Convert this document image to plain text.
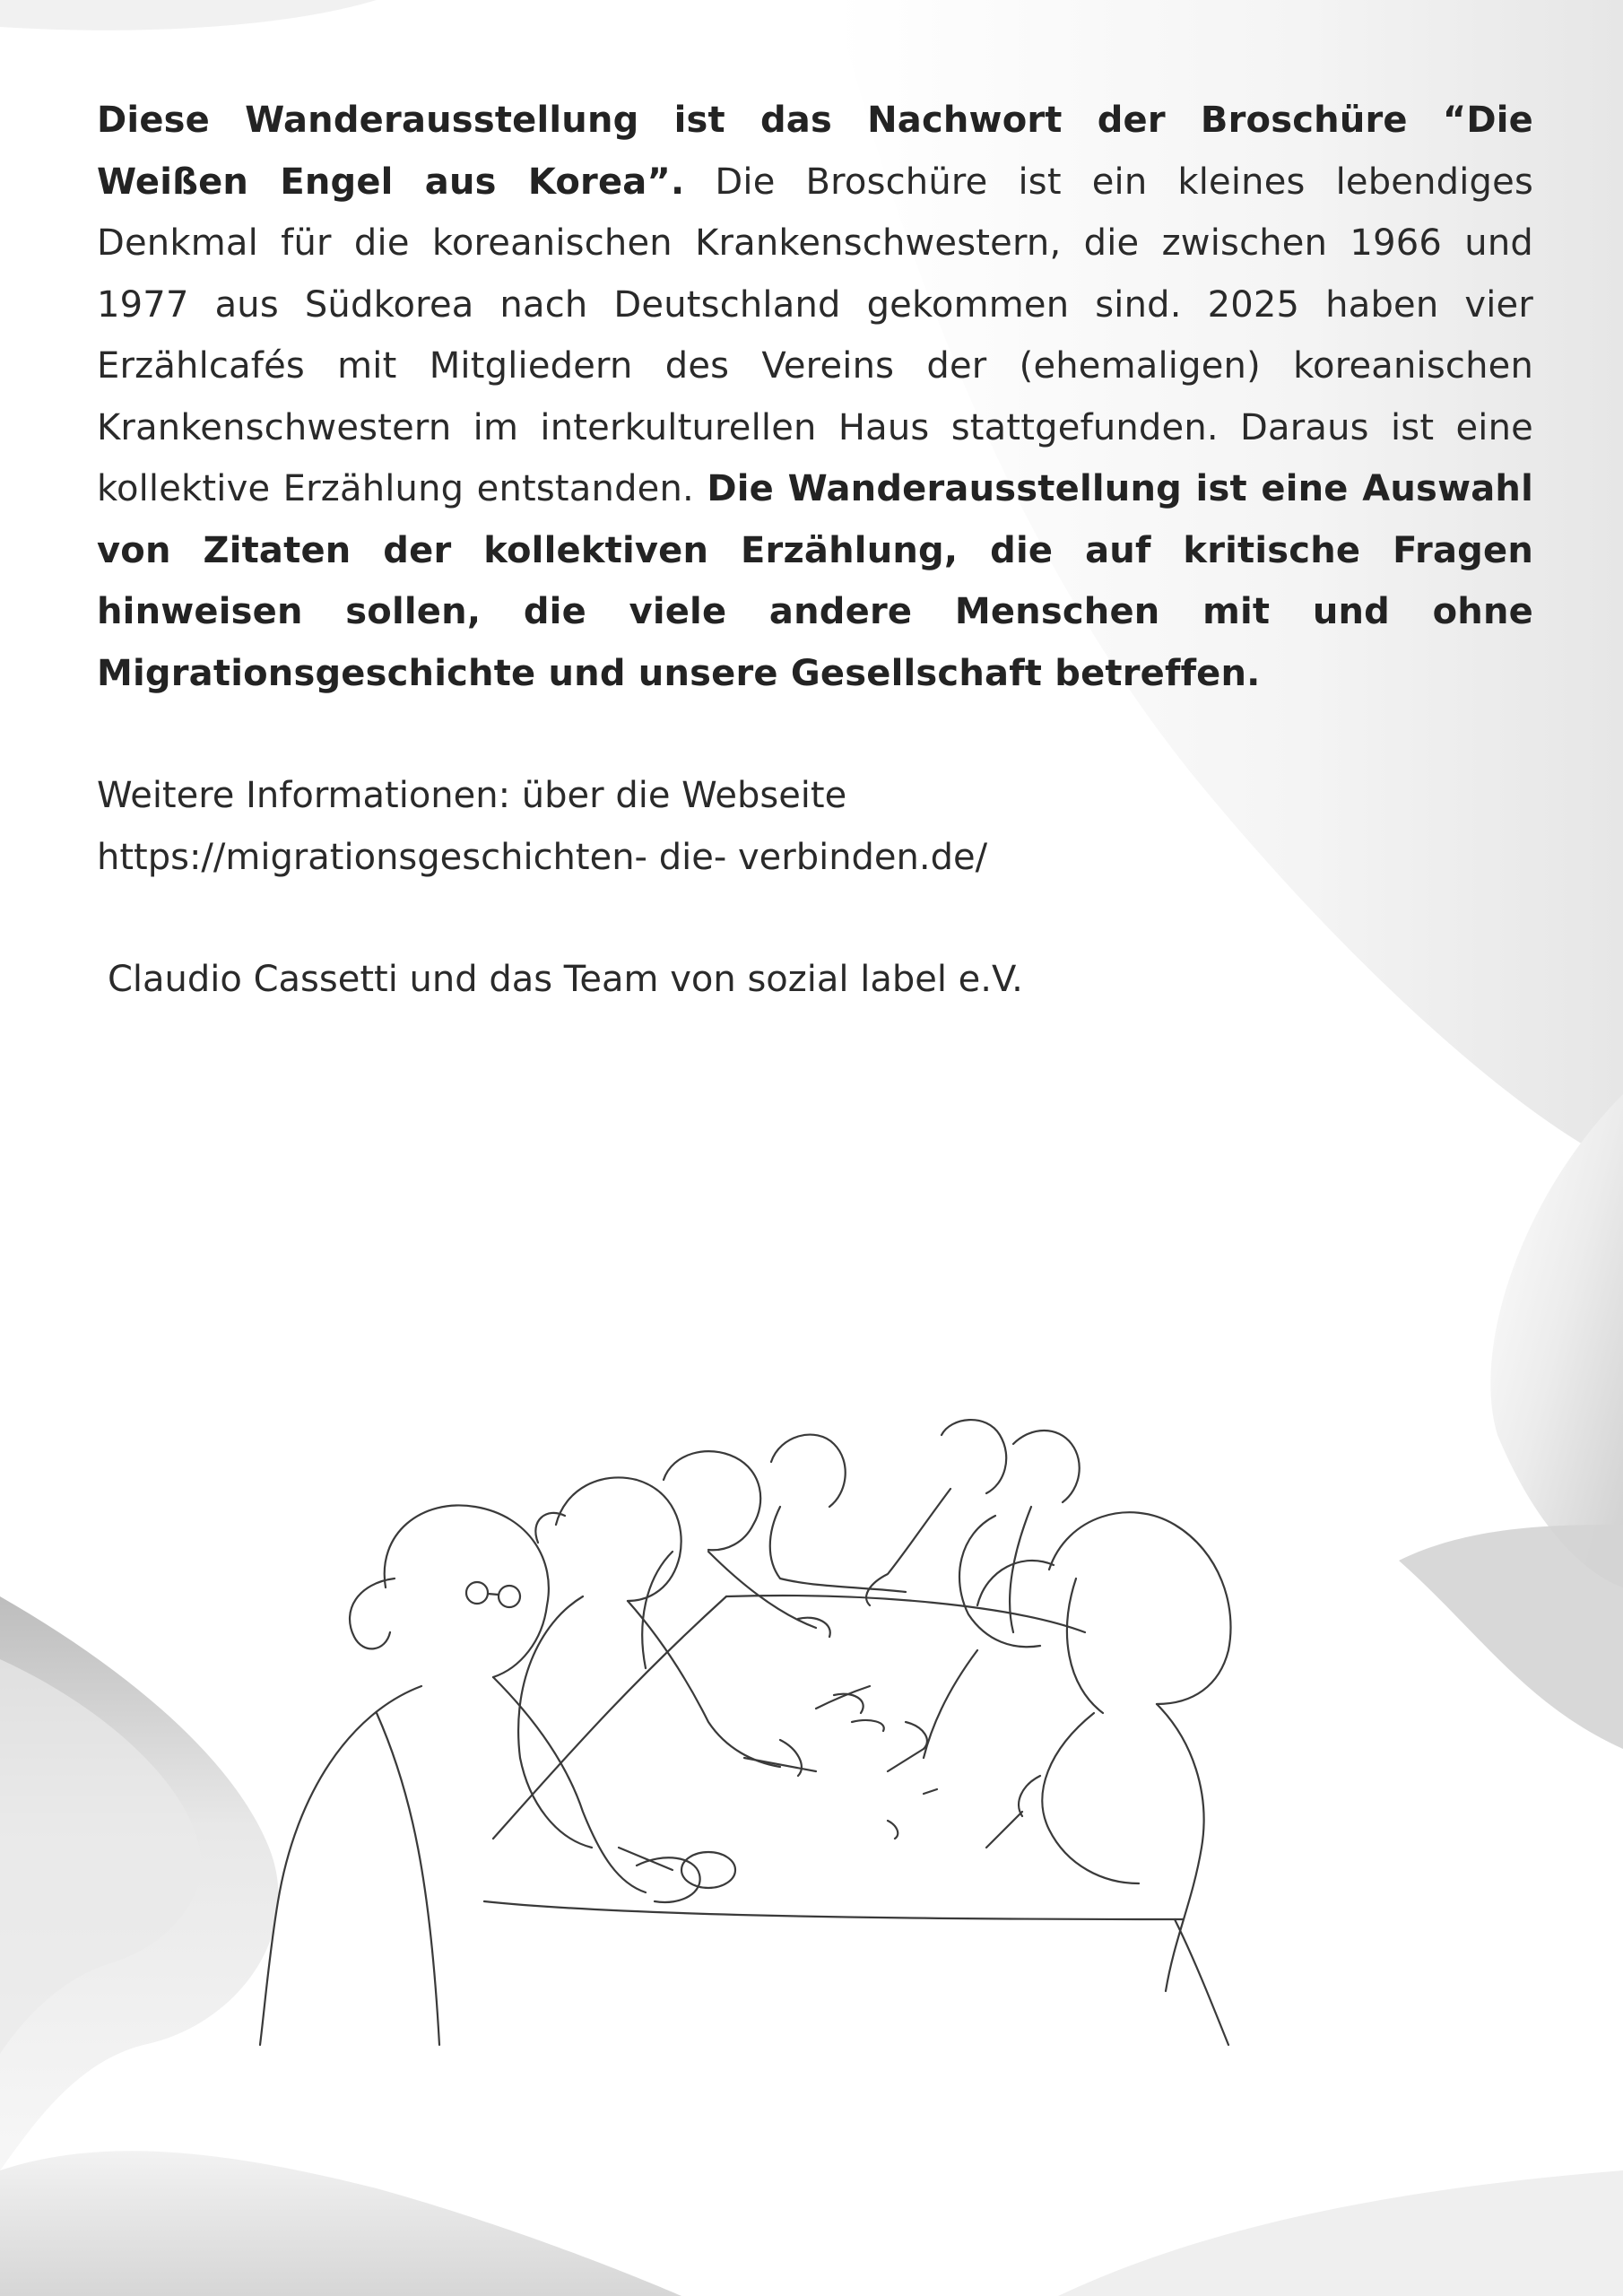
Diese Wanderausstellung ist das Nachwort der Broschüre “Die Weißen Engel aus Korea”. Die Broschüre ist ein kleines lebendiges Denkmal für die koreanischen Krankenschwestern, die zwischen 1966 und 1977 aus Südkorea nach Deutschland gekommen sind. 2025 haben vier Erzählcafés mit Mitgliedern des Vereins der (ehemaligen) koreanischen Krankenschwestern im interkulturellen Haus stattgefunden. Daraus ist eine kollektive Erzählung entstanden. Die Wanderausstellung ist eine Auswahl von Zitaten der kollektiven Erzählung, die auf kritische Fragen hinweisen sollen, die viele andere Menschen mit und ohne Migrationsgeschichte und unsere Gesellschaft betreffen.

Weitere Informationen: über die Webseite
https://migrationsgeschichten- die- verbinden.de/
Claudio Cassetti und das Team von sozial label e.V.
